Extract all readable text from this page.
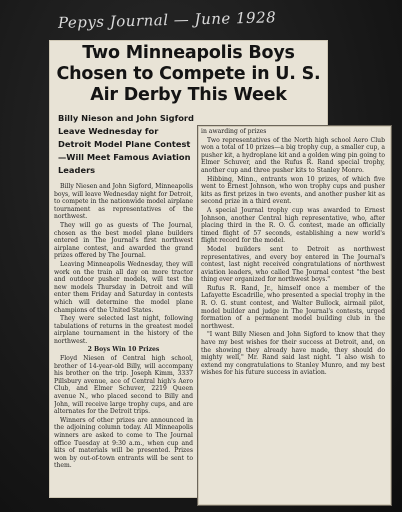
Pepys Journal — June 1928
Two Minneapolis Boys Chosen to Compete in U. S. Air Derby This Week
Billy Nieson and John Sigford Leave Wednesday for Detroit Model Plane Contest —Will Meet Famous Aviation Leaders

Billy Niesen and John Sigford, Minneapolis boys, will leave Wednesday night for Detroit, to compete in the nationwide model airplane tournament as representatives of the northwest.

They will go as guests of The Journal, chosen as the best model plane builders entered in The Journal's first northwest airplane contest, and awarded the grand prizes offered by The Journal.

Leaving Minneapolis Wednesday, they will work on the train all day on more tractor and outdoor pusher models, will test the new models Thursday in Detroit and will enter them Friday and Saturday in contests which will determine the model plane champions of the United States.

They were selected last night, following tabulations of returns in the greatest model airplane tournament in the history of the northwest.

2 Boys Win 10 Prizes

Floyd Niesen of Central high school, brother of 14-year-old Billy, will accompany his brother on the trip. Joseph Kimm, 3337 Pillsbury avenue, ace of Central high's Aero Club, and Elmer Schuver, 2219 Queen avenue N., who placed second to Billy and John, will receive large trophy cups, and are alternates for the Detroit trips.

Winners of other prizes are announced in the adjoining column today. All Minneapolis winners are asked to come to The Journal office Tuesday at 9:30 a.m., when cup and kits of materials will be presented. Prizes won by out-of-town entrants will be sent to them.

in awarding of prizes

Two representatives of the North high school Aero Club won a total of 10 prizes—a big trophy cup, a smaller cup, a pusher kit, a hydroplane kit and a golden wing pin going to Elmer Schuver, and the Rufus R. Rand special trophy, another cup and three pusher kits to Stanley Monro.

Hibbing, Minn., entrants won 10 prizes, of which five went to Ernest Johnson, who won trophy cups and pusher kits as first prizes in two events, and another pusher kit as second prize in a third event.

A special Journal trophy cup was awarded to Ernest Johnson, another Central high representative, who, after placing third in the R. O. G. contest, made an officially timed flight of 57 seconds, establishing a new world's flight record for the model.

Model builders sent to Detroit as northwest representatives, and every boy entered in The Journal's contest, last night received congratulations of northwest aviation leaders, who called The Journal contest "the best thing ever organized for northwest boys."

Rufus R. Rand, Jr., himself once a member of the Lafayette Escadrille, who presented a special trophy in the R. O. G. stunt contest, and Walter Bullock, airmail pilot, model builder and judge in The Journal's contests, urged formation of a permanent model building club in the northwest.

"I want Billy Niesen and John Sigford to know that they have my best wishes for their success at Detroit, and, on the showing they already have made, they should do mighty well," Mr. Rand said last night. "I also wish to extend my congratulations to Stanley Munro, and my best wishes for his future success in aviation.
